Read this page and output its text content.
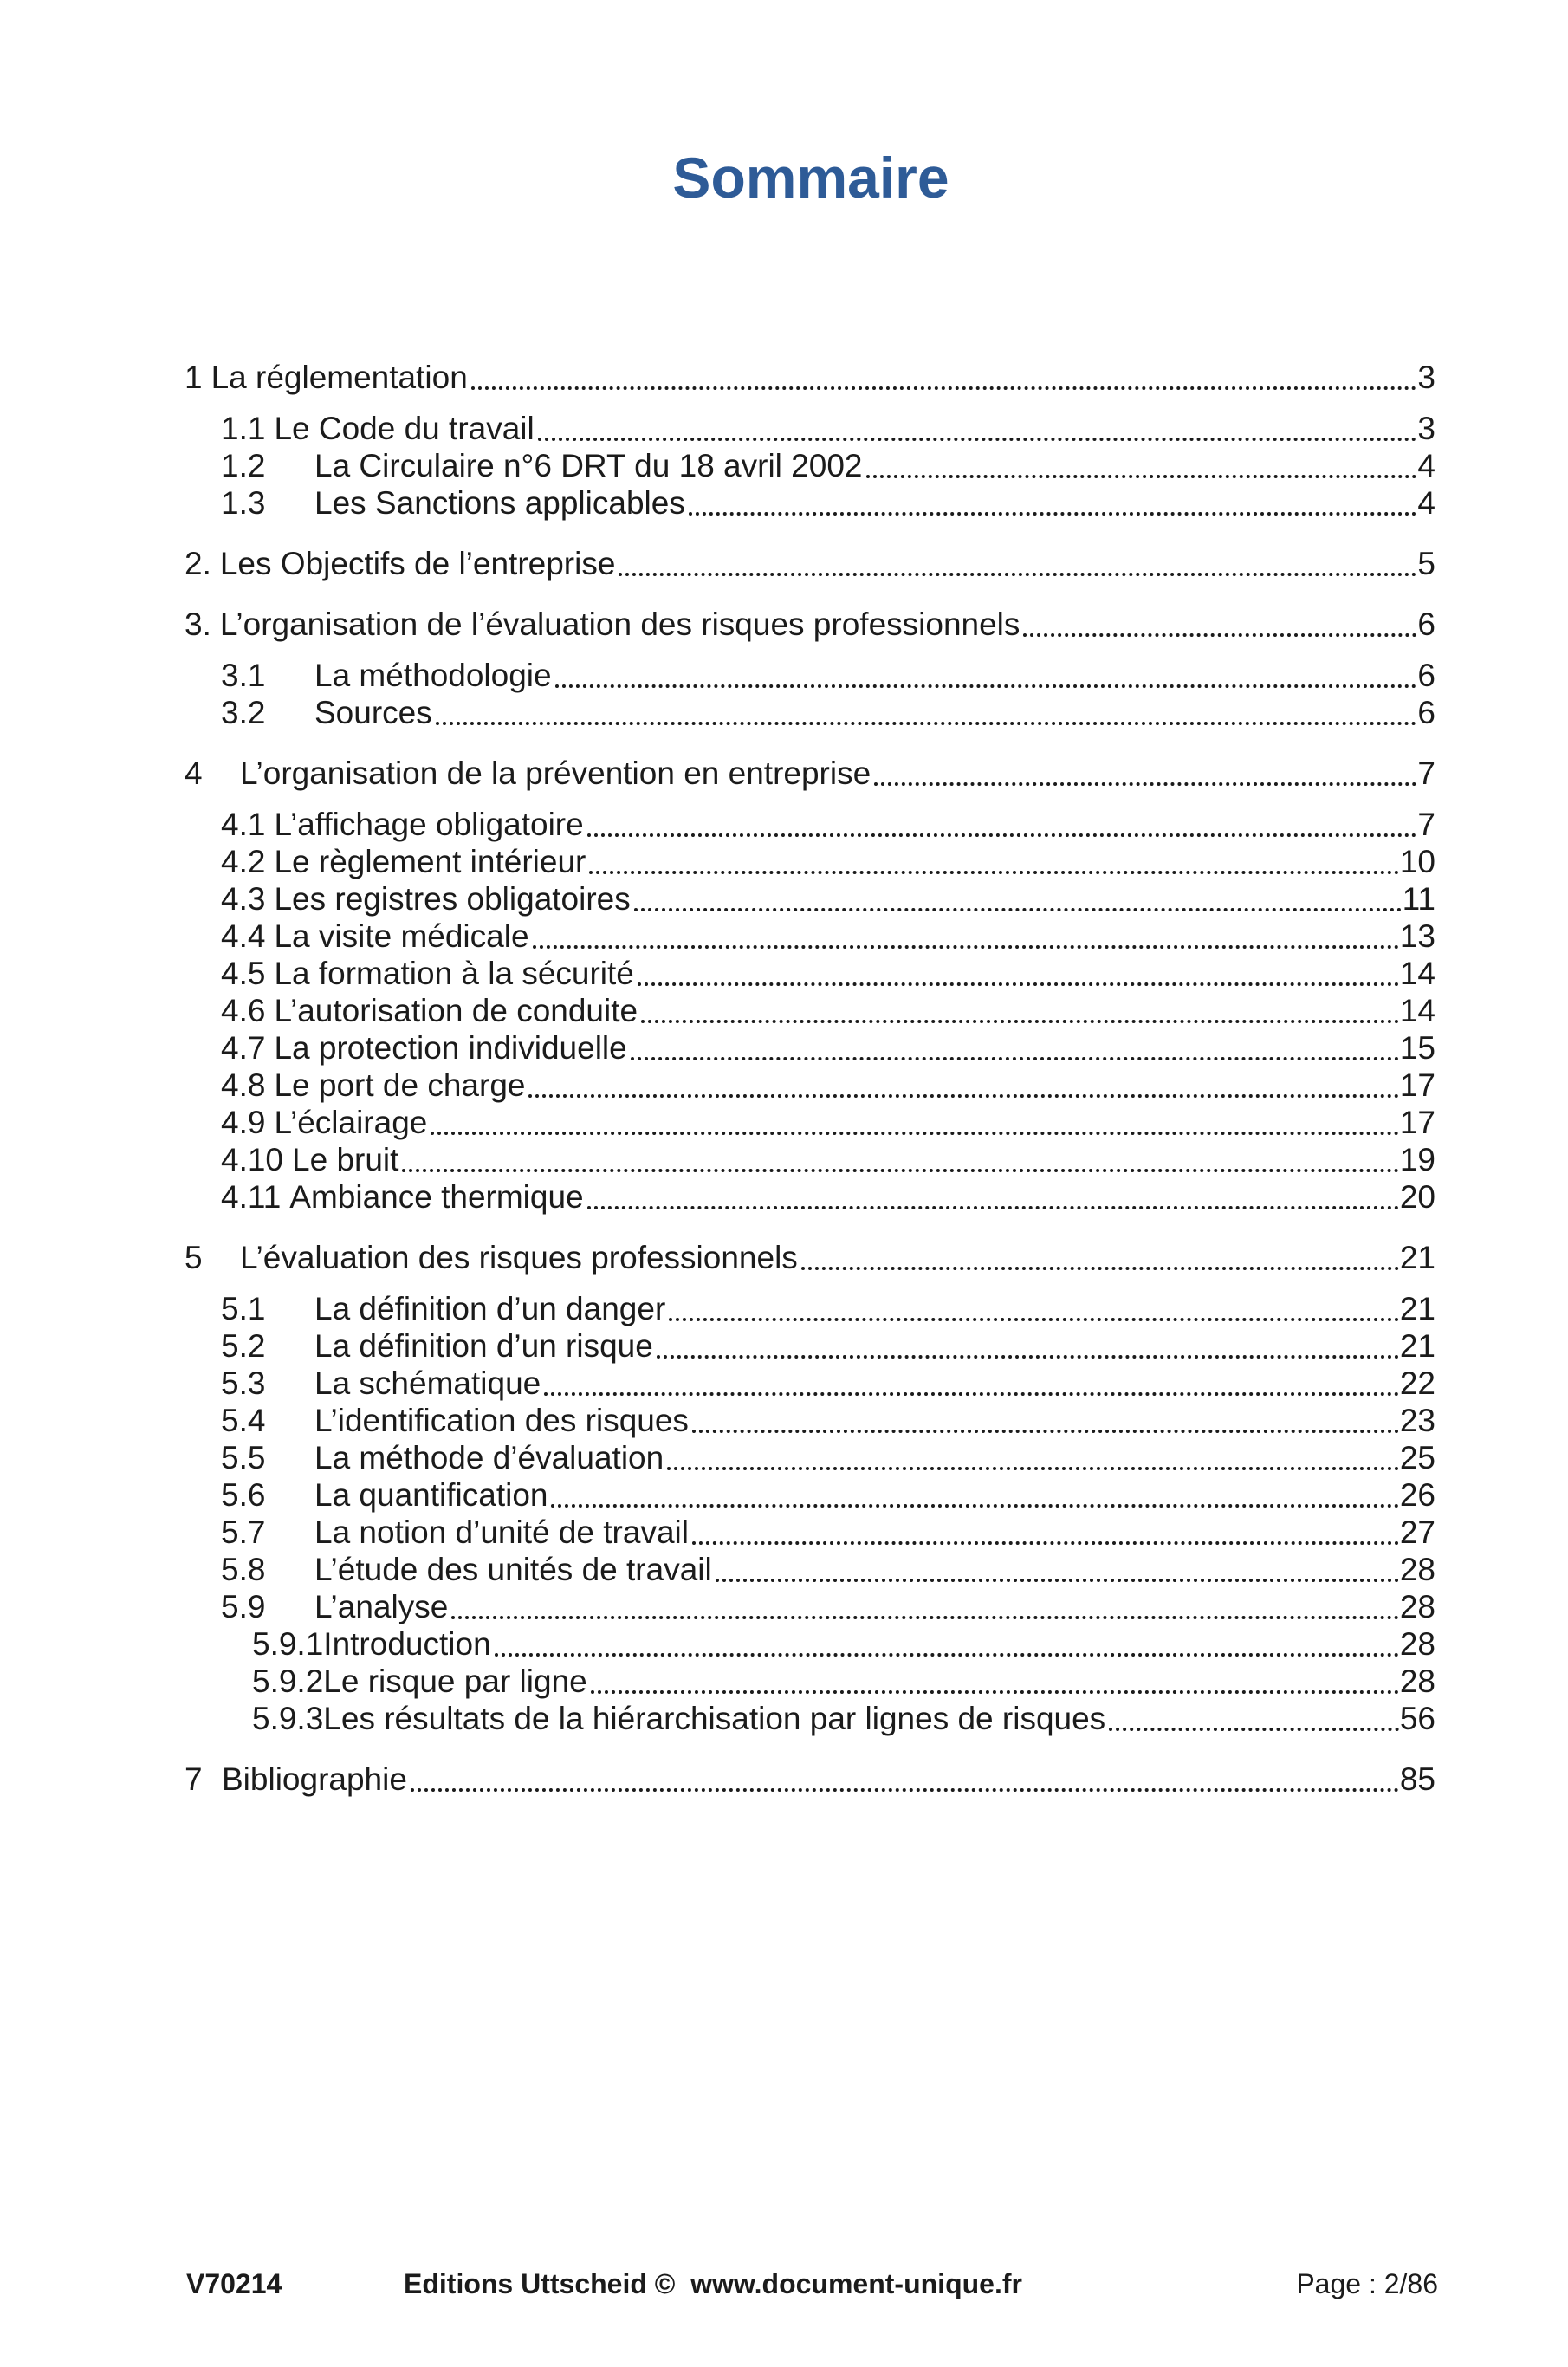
Sommaire
1 La réglementation	3
1.1 Le Code du travail	3
1.2	La Circulaire n°6 DRT du 18 avril 2002	4
1.3	Les Sanctions applicables	4
2. Les Objectifs de l’entreprise	5
3. L’organisation de l’évaluation des risques professionnels	6
3.1	La méthodologie	6
3.2	Sources	6
4	L’organisation de la prévention en entreprise	7
4.1 L’affichage obligatoire	7
4.2 Le règlement intérieur	10
4.3 Les registres obligatoires	11
4.4 La visite médicale	13
4.5 La formation à la sécurité	14
4.6 L’autorisation de conduite	14
4.7 La protection individuelle	15
4.8 Le port de charge	17
4.9 L’éclairage	17
4.10 Le bruit	19
4.11 Ambiance thermique	20
5	L’évaluation des risques professionnels	21
5.1	La définition d’un danger	21
5.2	La définition d’un risque	21
5.3	La schématique	22
5.4	L’identification des risques	23
5.5	La méthode d’évaluation	25
5.6	La quantification	26
5.7	La notion d’unité de travail	27
5.8	L’étude des unités de travail	28
5.9	L’analyse	28
5.9.1 Introduction	28
5.9.2 Le risque par ligne	28
5.9.3 Les résultats de la hiérarchisation par lignes de risques	56
7 Bibliographie	85
V70214	Editions Uttscheid ©  www.document-unique.fr	Page : 2/86
